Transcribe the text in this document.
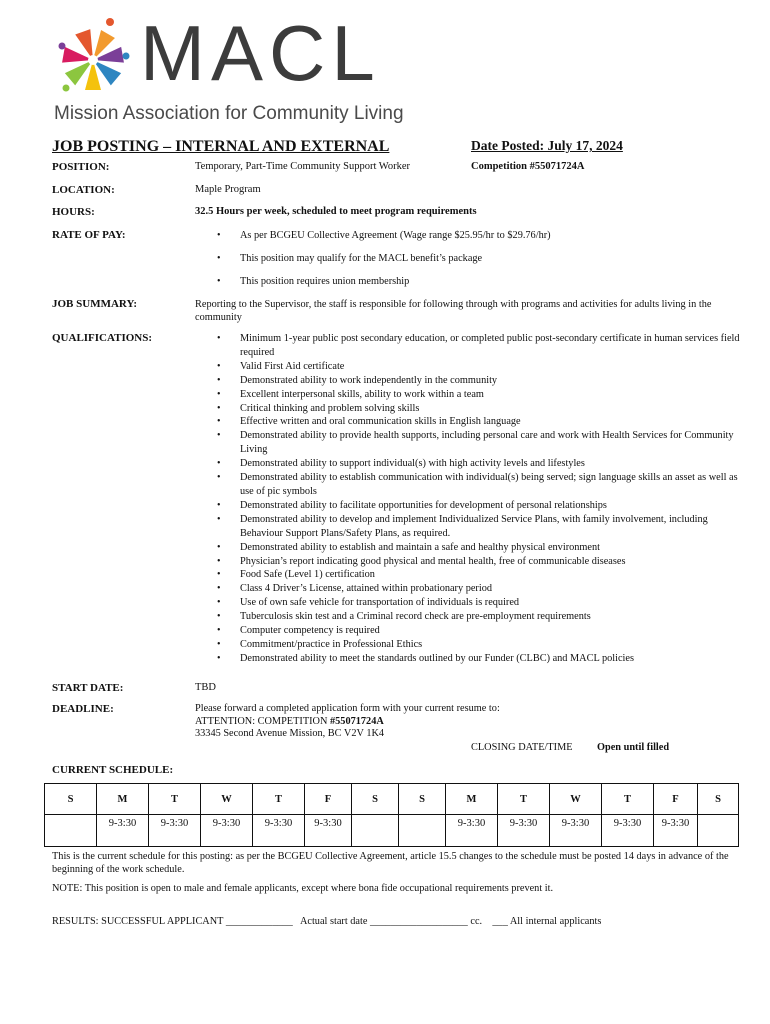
MACL
Mission Association for Community Living
JOB POSTING – INTERNAL AND EXTERNAL	Date Posted: July 17, 2024
POSITION:	Temporary, Part-Time Community Support Worker	Competition #55071724A
LOCATION:	Maple Program
HOURS:	32.5 Hours per week, scheduled to meet program requirements
RATE OF PAY:	• As per BCGEU Collective Agreement (Wage range $25.95/hr to $29.76/hr)
• This position may qualify for the MACL benefit’s package
• This position requires union membership
JOB SUMMARY:	Reporting to the Supervisor, the staff is responsible for following through with programs and activities for adults living in the community
QUALIFICATIONS:	• Minimum 1-year public post secondary education, or completed public post-secondary certificate in human services field required
• Valid First Aid certificate
• Demonstrated ability to work independently in the community
• Excellent interpersonal skills, ability to work within a team
• Critical thinking and problem solving skills
• Effective written and oral communication skills in English language
• Demonstrated ability to provide health supports, including personal care and work with Health Services for Community Living
• Demonstrated ability to support individual(s) with high activity levels and lifestyles
• Demonstrated ability to establish communication with individual(s) being served; sign language skills an asset as well as use of pic symbols
• Demonstrated ability to facilitate opportunities for development of personal relationships
• Demonstrated ability to develop and implement Individualized Service Plans, with family involvement, including Behaviour Support Plans/Safety Plans, as required.
• Demonstrated ability to establish and maintain a safe and healthy physical environment
• Physician’s report indicating good physical and mental health, free of communicable diseases
• Food Safe (Level 1) certification
• Class 4 Driver’s License, attained within probationary period
• Use of own safe vehicle for transportation of individuals is required
• Tuberculosis skin test and a Criminal record check are pre-employment requirements
• Computer competency is required
• Commitment/practice in Professional Ethics
• Demonstrated ability to meet the standards outlined by our Funder (CLBC) and MACL policies
START DATE:	TBD
DEADLINE:	Please forward a completed application form with your current resume to:
ATTENTION: COMPETITION #55071724A
33345 Second Avenue Mission, BC V2V 1K4
CLOSING DATE/TIME Open until filled
CURRENT SCHEDULE:
S	M	T	W	T	F	S	S	M	T	W	T	F	S
	9-3:30	9-3:30	9-3:30	9-3:30	9-3:30			9-3:30	9-3:30	9-3:30	9-3:30	9-3:30	
This is the current schedule for this posting: as per the BCGEU Collective Agreement, article 15.5 changes to the schedule must be posted 14 days in advance of the beginning of the work schedule.
NOTE: This position is open to male and female applicants, except where bona fide occupational requirements prevent it.
RESULTS: SUCCESSFUL APPLICANT _____________   Actual start date ___________________ cc.    ___ All internal applicants
